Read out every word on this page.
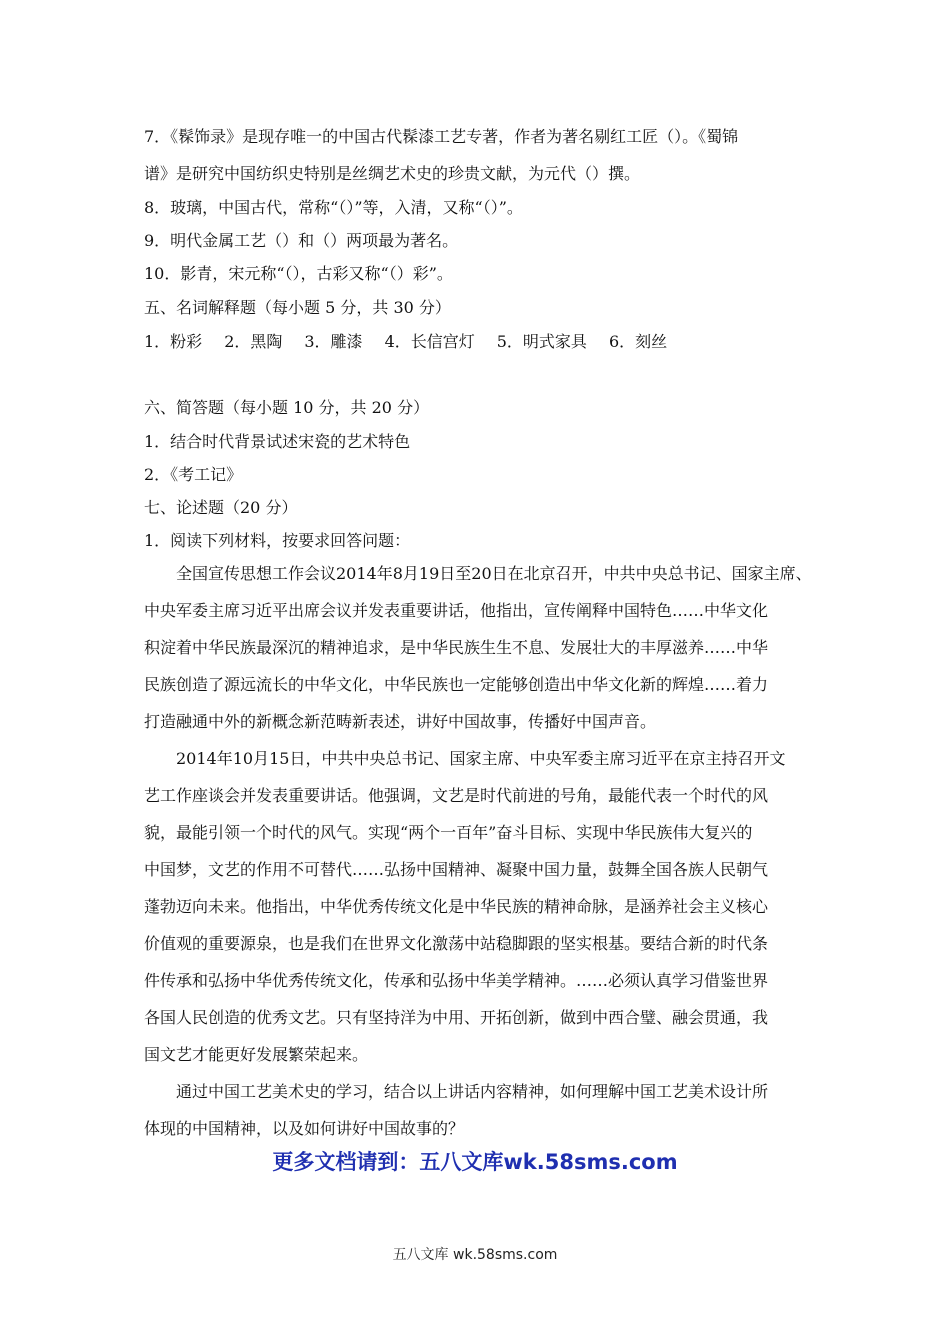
7．《髹饰录》是现存唯一的中国古代髹漆工艺专著，作者为著名剔红工匠（）。《蜀锦
谱》是研究中国纺织史特别是丝绸艺术史的珍贵文献，为元代（）撰。
8．玻璃，中国古代，常称“（）”等，入清，又称“（）”。
9．明代金属工艺（）和（）两项最为著名。
10．影青，宋元称“（），古彩又称“（）彩”。
五、名词解释题（每小题 5 分，共 30 分）
1．粉彩 2．黑陶 3．雕漆 4．长信宫灯 5．明式家具 6．刻丝
六、简答题（每小题 10 分，共 20 分）
1．结合时代背景试述宋瓷的艺术特色
2．《考工记》
七、论述题（20 分）
1．阅读下列材料，按要求回答问题：
全国宣传思想工作会议2014年8月19日至20日在北京召开，中共中央总书记、国家主席、
中央军委主席习近平出席会议并发表重要讲话，他指出，宣传阐释中国特色……中华文化
积淀着中华民族最深沉的精神追求，是中华民族生生不息、发展壮大的丰厚滋养……中华
民族创造了源远流长的中华文化，中华民族也一定能够创造出中华文化新的辉煌……着力
打造融通中外的新概念新范畴新表述，讲好中国故事，传播好中国声音。
2014年10月15日，中共中央总书记、国家主席、中央军委主席习近平在京主持召开文
艺工作座谈会并发表重要讲话。他强调，文艺是时代前进的号角，最能代表一个时代的风
貌，最能引领一个时代的风气。实现“两个一百年”奋斗目标、实现中华民族伟大复兴的
中国梦，文艺的作用不可替代……弘扬中国精神、凝聚中国力量，鼓舞全国各族人民朝气
蓬勃迈向未来。他指出，中华优秀传统文化是中华民族的精神命脉，是涵养社会主义核心
价值观的重要源泉，也是我们在世界文化激荡中站稳脚跟的坚实根基。要结合新的时代条
件传承和弘扬中华优秀传统文化，传承和弘扬中华美学精神。……必须认真学习借鉴世界
各国人民创造的优秀文艺。只有坚持洋为中用、开拓创新，做到中西合璧、融会贯通，我
国文艺才能更好发展繁荣起来。
通过中国工艺美术史的学习，结合以上讲话内容精神，如何理解中国工艺美术设计所
体现的中国精神，以及如何讲好中国故事的？
更多文档请到：五八文库wk.58sms.com
五八文库 wk.58sms.com
